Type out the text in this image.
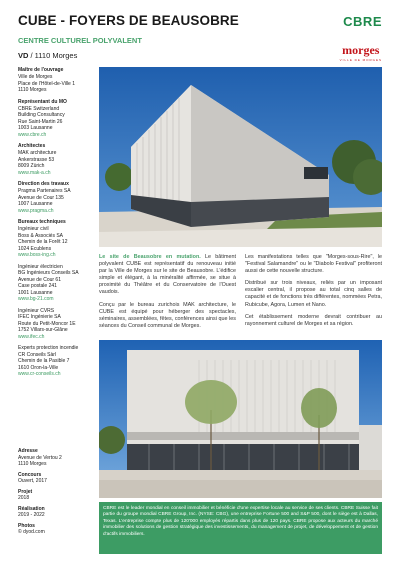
CUBE - FOYERS DE BEAUSOBRE
CENTRE CULTUREL POLYVALENT
VD / 1110 Morges
CBRE
morges
VILLE DE MORGES
Maître de l'ouvrage
Ville de Morges
Place de l'Hôtel-de-Ville 1
1110 Morges
Représentant du MO
CBRE Switzerland
Building Consultancy
Rue Saint-Martin 26
1003 Lausanne
www.cbre.ch
Architectes
MAK architecture
Ankerstrasse 53
8009 Zürich
www.mak-a.ch
Direction des travaux
Pragma Partenaires SA
Avenue de Cour 135
1007 Lausanne
www.pragma.ch
Bureaux techniques
Ingénieur civil
Boss & Associés SA
Chemin de la Forêt 12
1024 Ecublens
www.boss-ing.ch
Ingénieur électricien
BG Ingénieurs Conseils SA
Avenue de Cour 61
Case postale 241
1001 Lausanne
www.bg-21.com
Ingénieur CVRS
IFEC Ingénierie SA
Route du Petit-Moncor 1E
1752 Villars-sur-Glâne
www.ifec.ch
Experts protection incendie
CR Conseils Sàrl
Chemin de la Pasible 7
1610 Oron-la-Ville
www.cr-conseils.ch
Adresse
Avenue de Vertou 2
1110 Morges
Concours
Ouvert, 2017
Projet
2018
Réalisation
2019 - 2022
Photos
© dyod.com

Le site de Beausobre en mutation. Le bâtiment polyvalent CUBE est représentatif du renouveau initié par la Ville de Morges sur le site de Beausobre. L'édifice simple et élégant, à la minéralité affirmée, se situe à proximité du Théâtre et du Conservatoire de l'Ouest vaudois.

Conçu par le bureau zurichois MAK architecture, le CUBE est équipé pour héberger des spectacles, séminaires, assemblées, fêtes, conférences ainsi que les séances du Conseil communal de Morges.

Les manifestations telles que "Morges-sous-Rire", le "Festival Salamandre" ou le "Diabolo Festival" profiteront aussi de cette nouvelle structure.

Distribué sur trois niveaux, reliés par un imposant escalier central, il propose au total cinq salles de capacité et de fonctions très différentes, nommées Petra, Rubicube, Agora, Lumen et Nano.

Cet établissement moderne devrait contribuer au rayonnement culturel de Morges et sa région.

CBRE est le leader mondial en conseil immobilier et bénéficie d'une expertise locale au service de ses clients. CBRE Suisse fait partie du groupe mondial CBRE Group, Inc. (NYSE: CBG), une entreprise Fortune 500 and S&P 500, dont le siège est à Dallas, Texas. L'entreprise compte plus de 120'000 employés répartis dans plus de 120 pays. CBRE propose aux acteurs du marché immobilier des solutions de gestion stratégique des investissements, du management de projet, de développement et de gestion d'actifs immobiliers.
